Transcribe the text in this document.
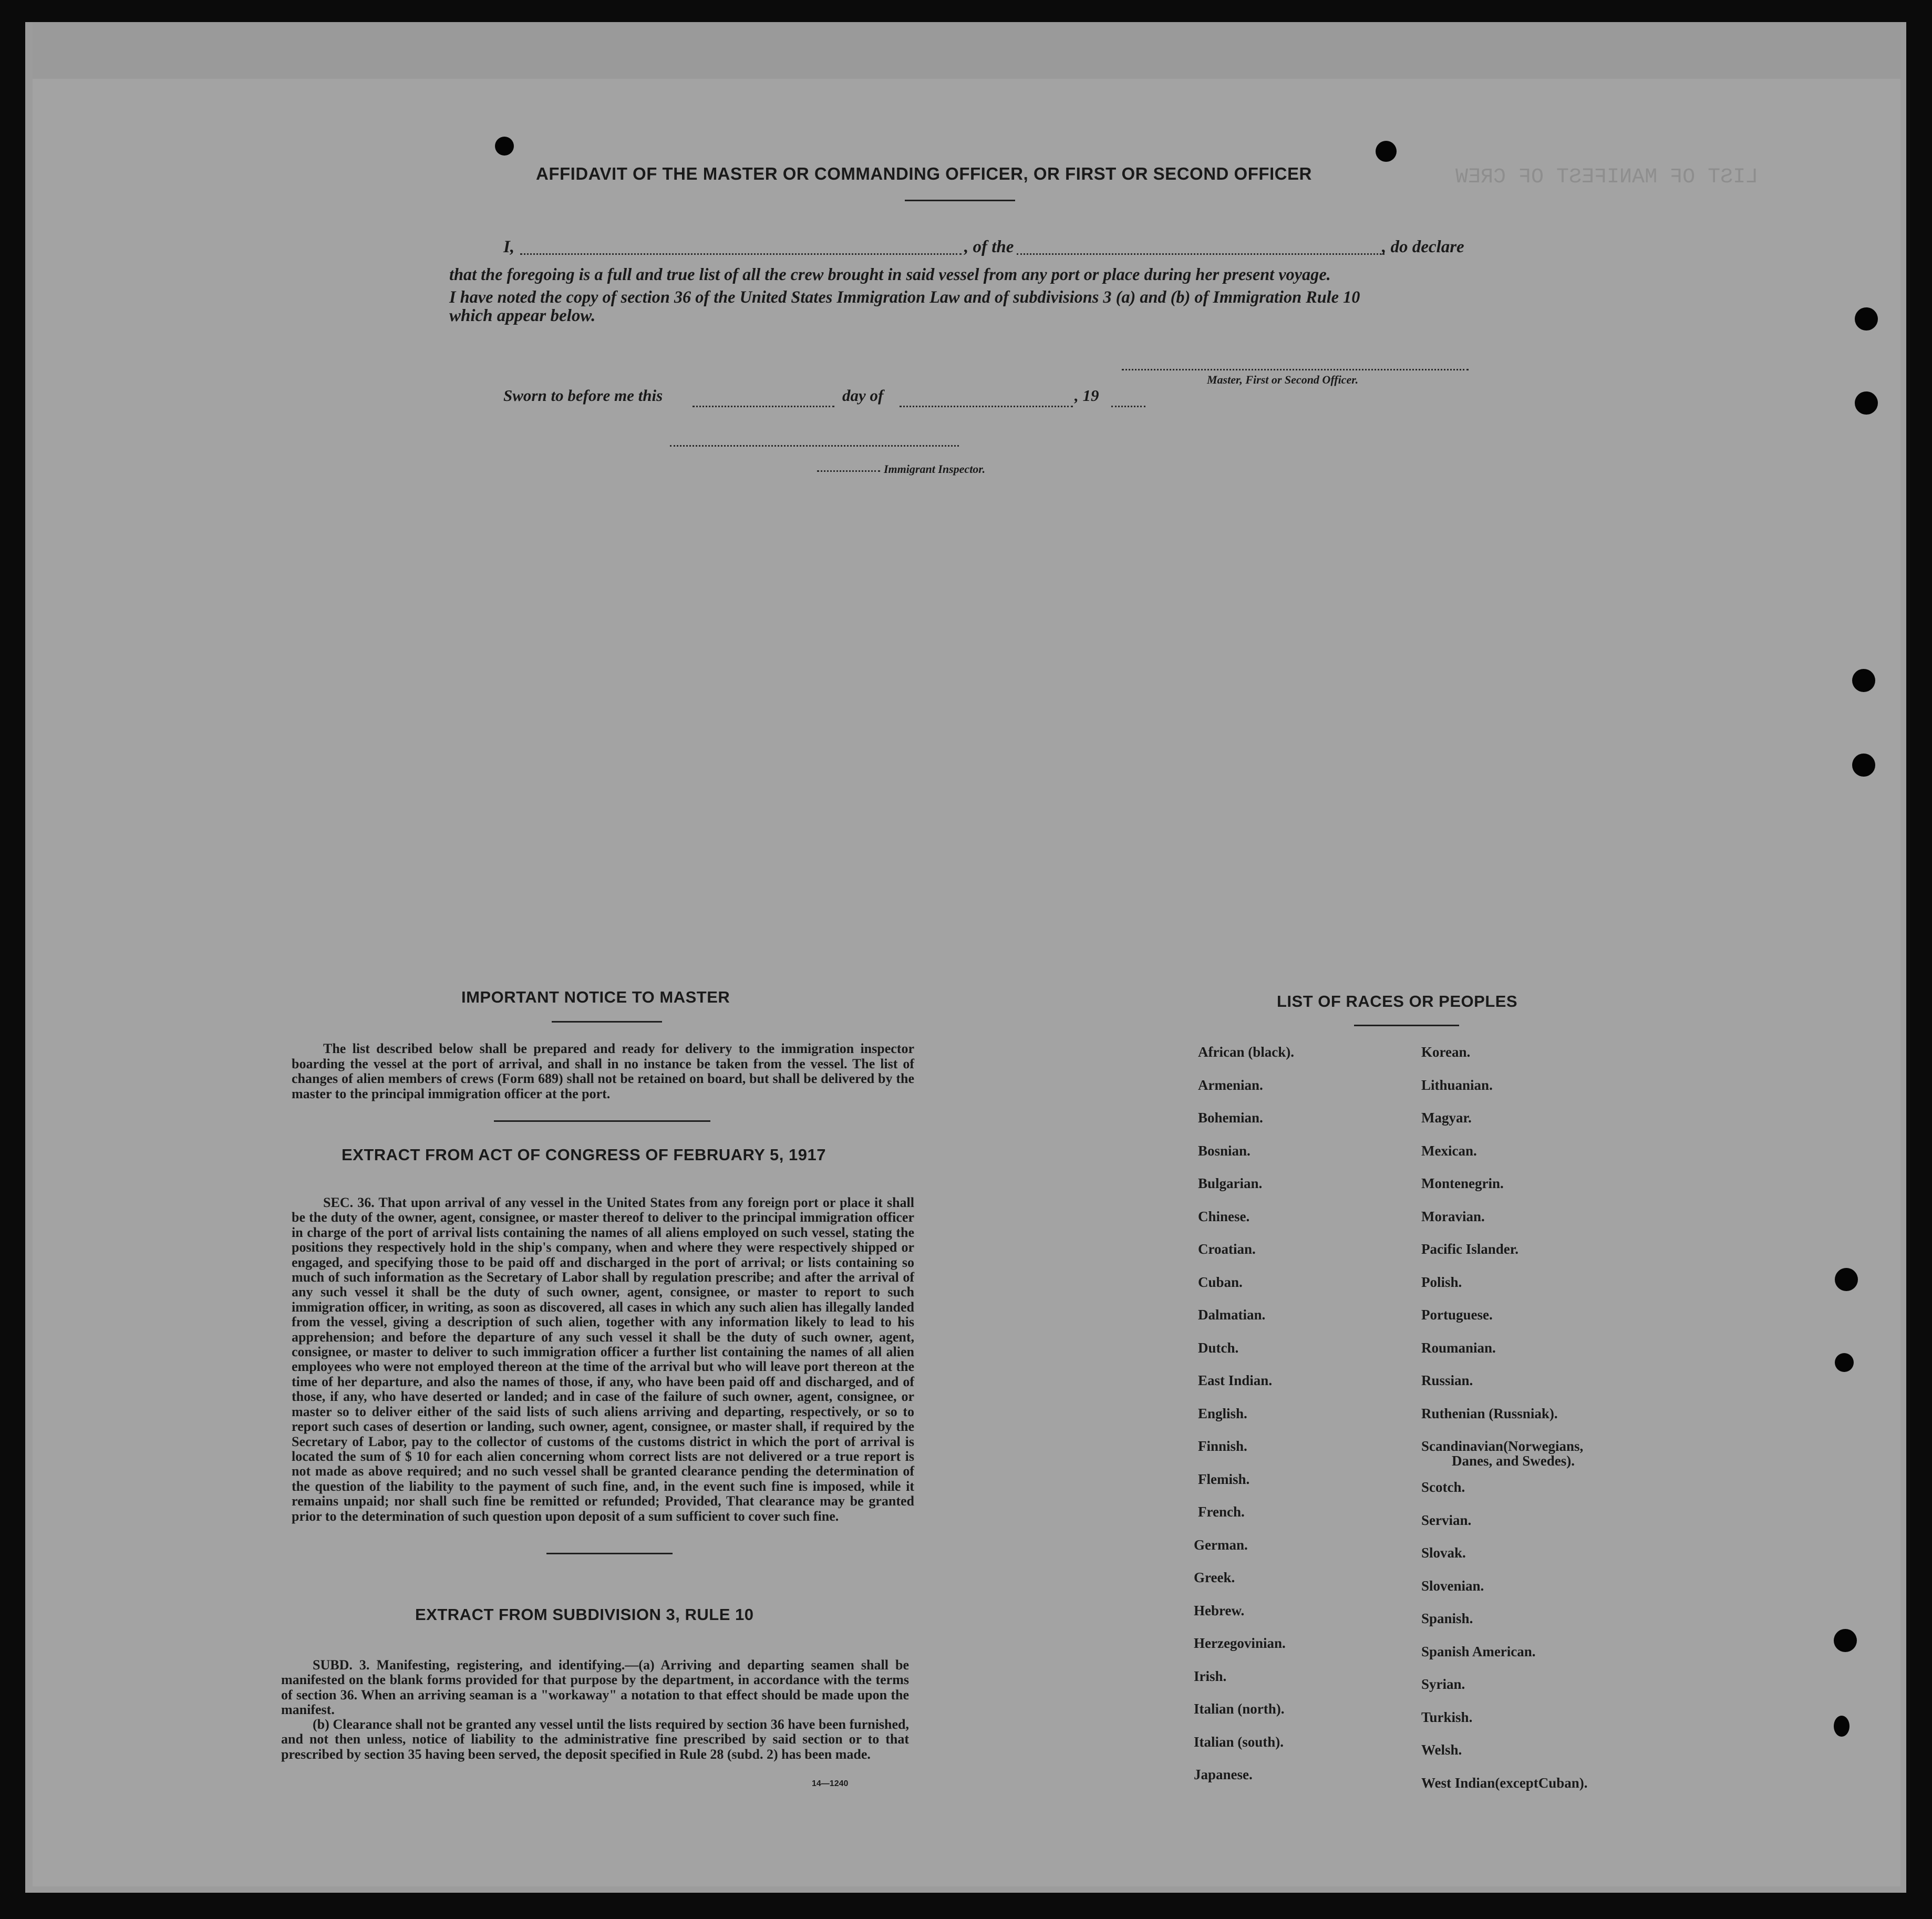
LIST OF MANIFEST OF CREW
AFFIDAVIT OF THE MASTER OR COMMANDING OFFICER, OR FIRST OR SECOND OFFICER
I,	, of the	, do declare
that the foregoing is a full and true list of all the crew brought in said vessel from any port or place during her present voyage.
I have noted the copy of section 36 of the United States Immigration Law and of subdivisions 3 (a) and (b) of Immigration Rule 10
which appear below.
Master, First or Second Officer.
Sworn to before me this	day of	, 19
Immigrant Inspector.
IMPORTANT NOTICE TO MASTER

The list described below shall be prepared and ready for delivery to the immigration inspector boarding the vessel at the port of arrival, and shall in no instance be taken from the vessel. The list of changes of alien members of crews (Form 689) shall not be retained on board, but shall be delivered by the master to the principal immigration officer at the port.

EXTRACT FROM ACT OF CONGRESS OF FEBRUARY 5, 1917

SEC. 36. That upon arrival of any vessel in the United States from any foreign port or place it shall be the duty of the owner, agent, consignee, or master thereof to deliver to the principal immigration officer in charge of the port of arrival lists containing the names of all aliens employed on such vessel, stating the positions they respectively hold in the ship's company, when and where they were respectively shipped or engaged, and specifying those to be paid off and discharged in the port of arrival; or lists containing so much of such information as the Secretary of Labor shall by regulation prescribe; and after the arrival of any such vessel it shall be the duty of such owner, agent, consignee, or master to report to such immigration officer, in writing, as soon as discovered, all cases in which any such alien has illegally landed from the vessel, giving a description of such alien, together with any information likely to lead to his apprehension; and before the departure of any such vessel it shall be the duty of such owner, agent, consignee, or master to deliver to such immigration officer a further list containing the names of all alien employees who were not employed thereon at the time of the arrival but who will leave port thereon at the time of her departure, and also the names of those, if any, who have been paid off and discharged, and of those, if any, who have deserted or landed; and in case of the failure of such owner, agent, consignee, or master so to deliver either of the said lists of such aliens arriving and departing, respectively, or so to report such cases of desertion or landing, such owner, agent, consignee, or master shall, if required by the Secretary of Labor, pay to the collector of customs of the customs district in which the port of arrival is located the sum of $ 10 for each alien concerning whom correct lists are not delivered or a true report is not made as above required; and no such vessel shall be granted clearance pending the determination of the question of the liability to the payment of such fine, and, in the event such fine is imposed, while it remains unpaid; nor shall such fine be remitted or refunded; Provided, That clearance may be granted prior to the determination of such question upon deposit of a sum sufficient to cover such fine.

EXTRACT FROM SUBDIVISION 3, RULE 10

SUBD. 3. Manifesting, registering, and identifying.—(a) Arriving and departing seamen shall be manifested on the blank forms provided for that purpose by the department, in accordance with the terms of section 36. When an arriving seaman is a "workaway" a notation to that effect should be made upon the manifest.

(b) Clearance shall not be granted any vessel until the lists required by section 36 have been furnished, and not then unless, notice of liability to the administrative fine prescribed by said section or to that prescribed by section 35 having been served, the deposit specified in Rule 28 (subd. 2) has been made.

14—1240
LIST OF RACES OR PEOPLES
African (black).
Armenian.
Bohemian.
Bosnian.
Bulgarian.
Chinese.
Croatian.
Cuban.
Dalmatian.
Dutch.
East Indian.
English.
Finnish.
Flemish.
French.
German.
Greek.
Hebrew.
Herzegovinian.
Irish.
Italian (north).
Italian (south).
Japanese.
Korean.
Lithuanian.
Magyar.
Mexican.
Montenegrin.
Moravian.
Pacific Islander.
Polish.
Portuguese.
Roumanian.
Russian.
Ruthenian (Russniak).
Scandinavian(Norwegians,
Danes, and Swedes).
Scotch.
Servian.
Slovak.
Slovenian.
Spanish.
Spanish American.
Syrian.
Turkish.
Welsh.
West Indian(exceptCuban).
